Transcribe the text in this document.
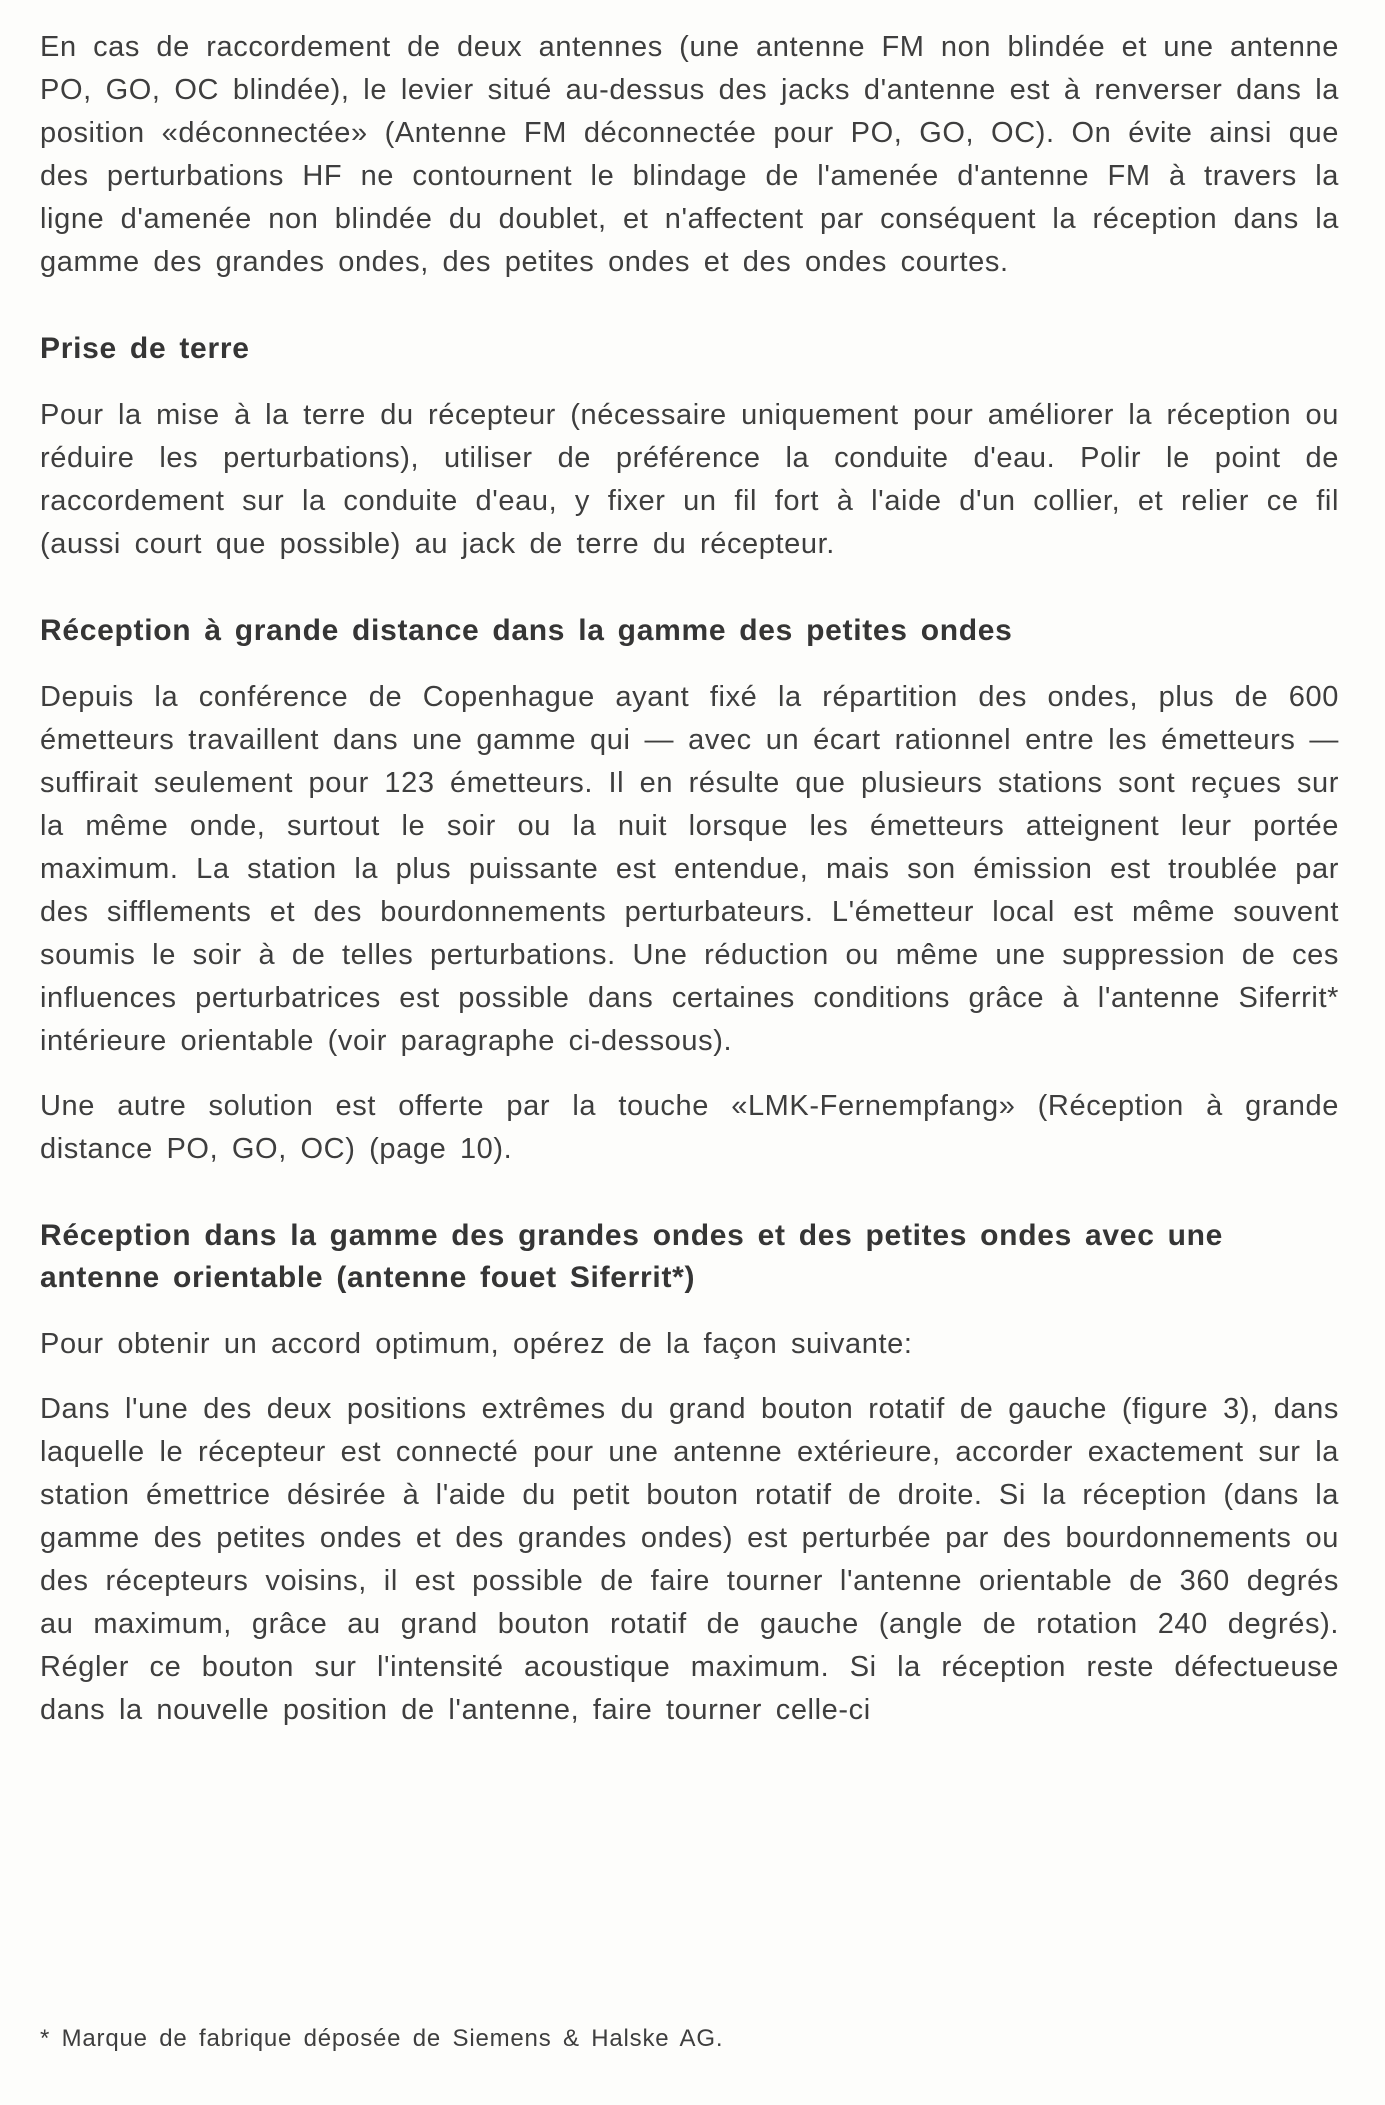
En cas de raccordement de deux antennes (une antenne FM non blindée et une antenne PO, GO, OC blindée), le levier situé au-dessus des jacks d'antenne est à renverser dans la position «déconnectée» (Antenne FM déconnectée pour PO, GO, OC). On évite ainsi que des perturbations HF ne contournent le blindage de l'amenée d'antenne FM à travers la ligne d'amenée non blindée du doublet, et n'affectent par conséquent la réception dans la gamme des grandes ondes, des petites ondes et des ondes courtes.

Prise de terre

Pour la mise à la terre du récepteur (nécessaire uniquement pour améliorer la réception ou réduire les perturbations), utiliser de préférence la conduite d'eau. Polir le point de raccordement sur la conduite d'eau, y fixer un fil fort à l'aide d'un collier, et relier ce fil (aussi court que possible) au jack de terre du récepteur.

Réception à grande distance dans la gamme des petites ondes

Depuis la conférence de Copenhague ayant fixé la répartition des ondes, plus de 600 émetteurs travaillent dans une gamme qui — avec un écart rationnel entre les émetteurs — suffirait seulement pour 123 émetteurs. Il en résulte que plusieurs stations sont reçues sur la même onde, surtout le soir ou la nuit lorsque les émetteurs atteignent leur portée maximum. La station la plus puissante est entendue, mais son émission est troublée par des sifflements et des bourdonnements perturbateurs. L'émetteur local est même souvent soumis le soir à de telles perturbations. Une réduction ou même une suppression de ces influences perturbatrices est possible dans certaines conditions grâce à l'antenne Siferrit* intérieure orientable (voir paragraphe ci-dessous).

Une autre solution est offerte par la touche «LMK-Fernempfang» (Réception à grande distance PO, GO, OC) (page 10).

Réception dans la gamme des grandes ondes et des petites ondes avec une antenne orientable (antenne fouet Siferrit*)

Pour obtenir un accord optimum, opérez de la façon suivante:

Dans l'une des deux positions extrêmes du grand bouton rotatif de gauche (figure 3), dans laquelle le récepteur est connecté pour une antenne extérieure, accorder exactement sur la station émettrice désirée à l'aide du petit bouton rotatif de droite. Si la réception (dans la gamme des petites ondes et des grandes ondes) est perturbée par des bourdonnements ou des récepteurs voisins, il est possible de faire tourner l'antenne orientable de 360 degrés au maximum, grâce au grand bouton rotatif de gauche (angle de rotation 240 degrés). Régler ce bouton sur l'intensité acoustique maximum. Si la réception reste défectueuse dans la nouvelle position de l'antenne, faire tourner celle-ci

* Marque de fabrique déposée de Siemens & Halske AG.
